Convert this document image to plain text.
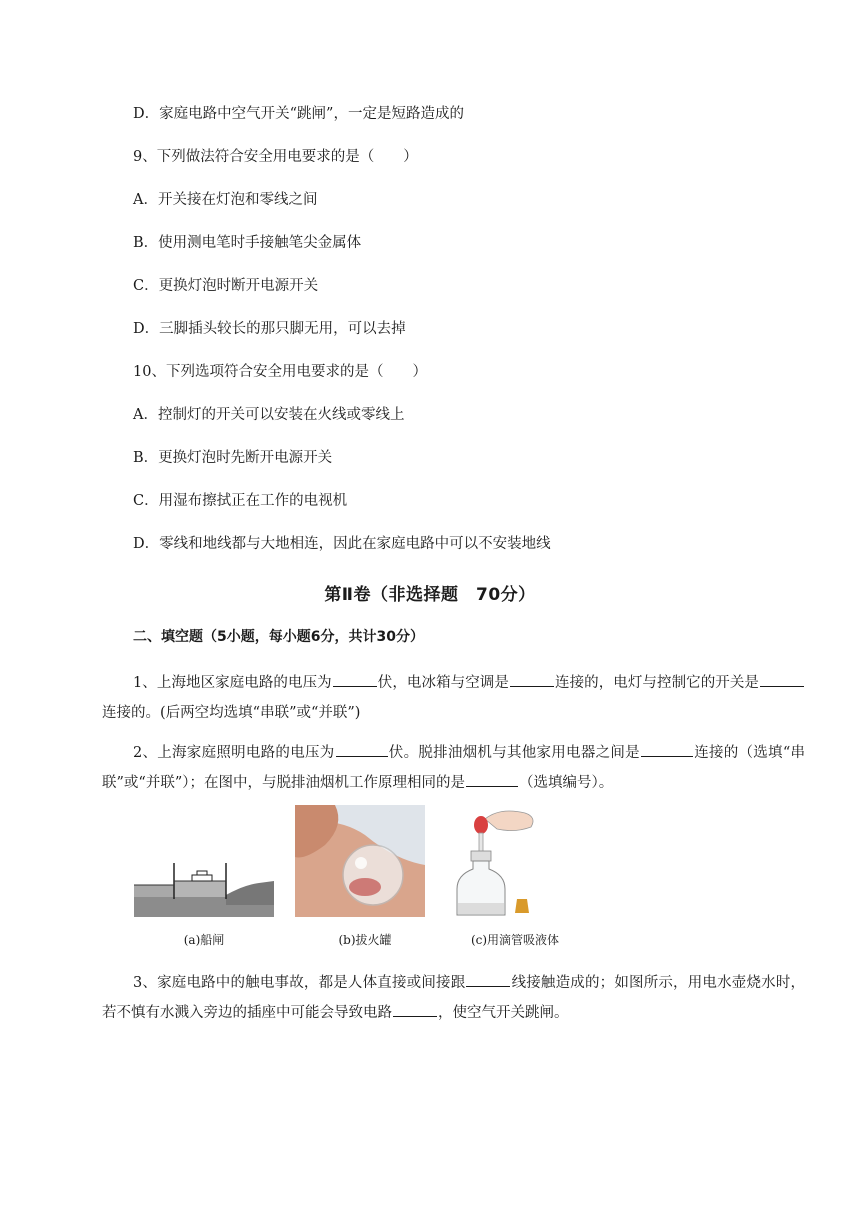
D．家庭电路中空气开关“跳闸”，一定是短路造成的
9、下列做法符合安全用电要求的是（　　）
A．开关接在灯泡和零线之间
B．使用测电笔时手接触笔尖金属体
C．更换灯泡时断开电源开关
D．三脚插头较长的那只脚无用，可以去掉
10、下列选项符合安全用电要求的是（　　）
A．控制灯的开关可以安装在火线或零线上
B．更换灯泡时先断开电源开关
C．用湿布擦拭正在工作的电视机
D．零线和地线都与大地相连，因此在家庭电路中可以不安装地线
第Ⅱ卷（非选择题　70分）
二、填空题（5小题，每小题6分，共计30分）
1、上海地区家庭电路的电压为	伏，电冰箱与空调是	连接的，电灯与控制它的开关是连接的。(后两空均选填“串联”或“并联”)
2、上海家庭照明电路的电压为	伏。脱排油烟机与其他家用电器之间是	连接的（选填“串联”或“并联”）；在图中，与脱排油烟机工作原理相同的是	（选填编号）。
(a)船闸	(b)拔火罐	(c)用滴管吸液体
3、家庭电路中的触电事故，都是人体直接或间接跟	线接触造成的；如图所示，用电水壶烧水时，若不慎有水溅入旁边的插座中可能会导致电路	，使空气开关跳闸。
